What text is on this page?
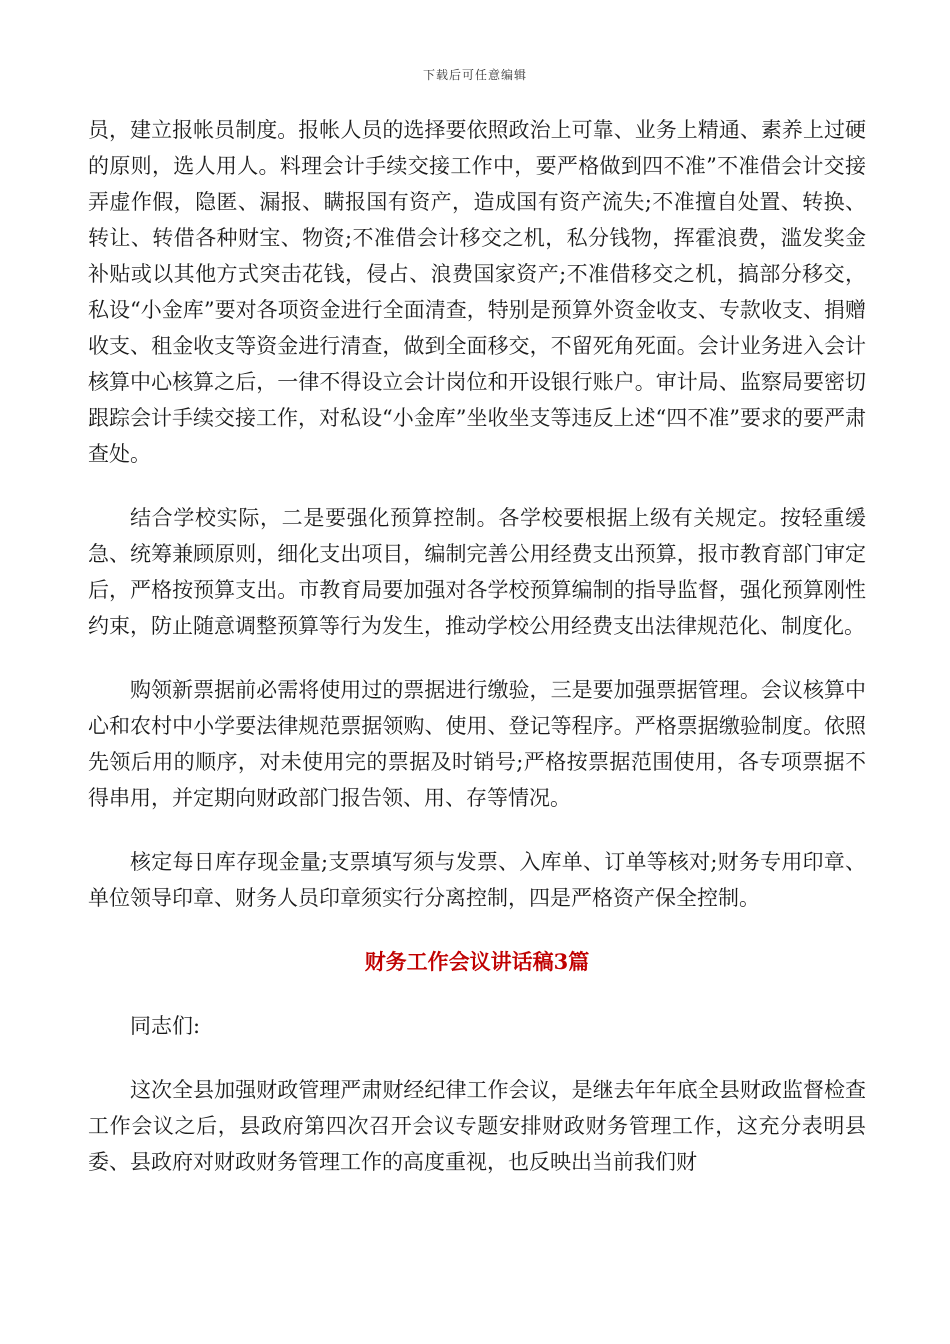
下载后可任意编辑

员，建立报帐员制度。报帐人员的选择要依照政治上可靠、业务上精通、素养上过硬的原则，选人用人。料理会计手续交接工作中，要严格做到四不准”不准借会计交接弄虚作假，隐匿、漏报、瞒报国有资产，造成国有资产流失;不准擅自处置、转换、转让、转借各种财宝、物资;不准借会计移交之机，私分钱物，挥霍浪费，滥发奖金补贴或以其他方式突击花钱，侵占、浪费国家资产;不准借移交之机，搞部分移交，私设“小金库”要对各项资金进行全面清查，特别是预算外资金收支、专款收支、捐赠收支、租金收支等资金进行清查，做到全面移交，不留死角死面。会计业务进入会计核算中心核算之后，一律不得设立会计岗位和开设银行账户。审计局、监察局要密切跟踪会计手续交接工作，对私设“小金库”坐收坐支等违反上述“四不准”要求的要严肃查处。

结合学校实际，二是要强化预算控制。各学校要根据上级有关规定。按轻重缓急、统筹兼顾原则，细化支出项目，编制完善公用经费支出预算，报市教育部门审定后，严格按预算支出。市教育局要加强对各学校预算编制的指导监督，强化预算刚性约束，防止随意调整预算等行为发生，推动学校公用经费支出法律规范化、制度化。

购领新票据前必需将使用过的票据进行缴验，三是要加强票据管理。会议核算中心和农村中小学要法律规范票据领购、使用、登记等程序。严格票据缴验制度。依照先领后用的顺序，对未使用完的票据及时销号;严格按票据范围使用，各专项票据不得串用，并定期向财政部门报告领、用、存等情况。

核定每日库存现金量;支票填写须与发票、入库单、订单等核对;财务专用印章、单位领导印章、财务人员印章须实行分离控制，四是严格资产保全控制。

财务工作会议讲话稿3篇

同志们:

这次全县加强财政管理严肃财经纪律工作会议，是继去年年底全县财政监督检查工作会议之后，县政府第四次召开会议专题安排财政财务管理工作，这充分表明县委、县政府对财政财务管理工作的高度重视，也反映出当前我们财
